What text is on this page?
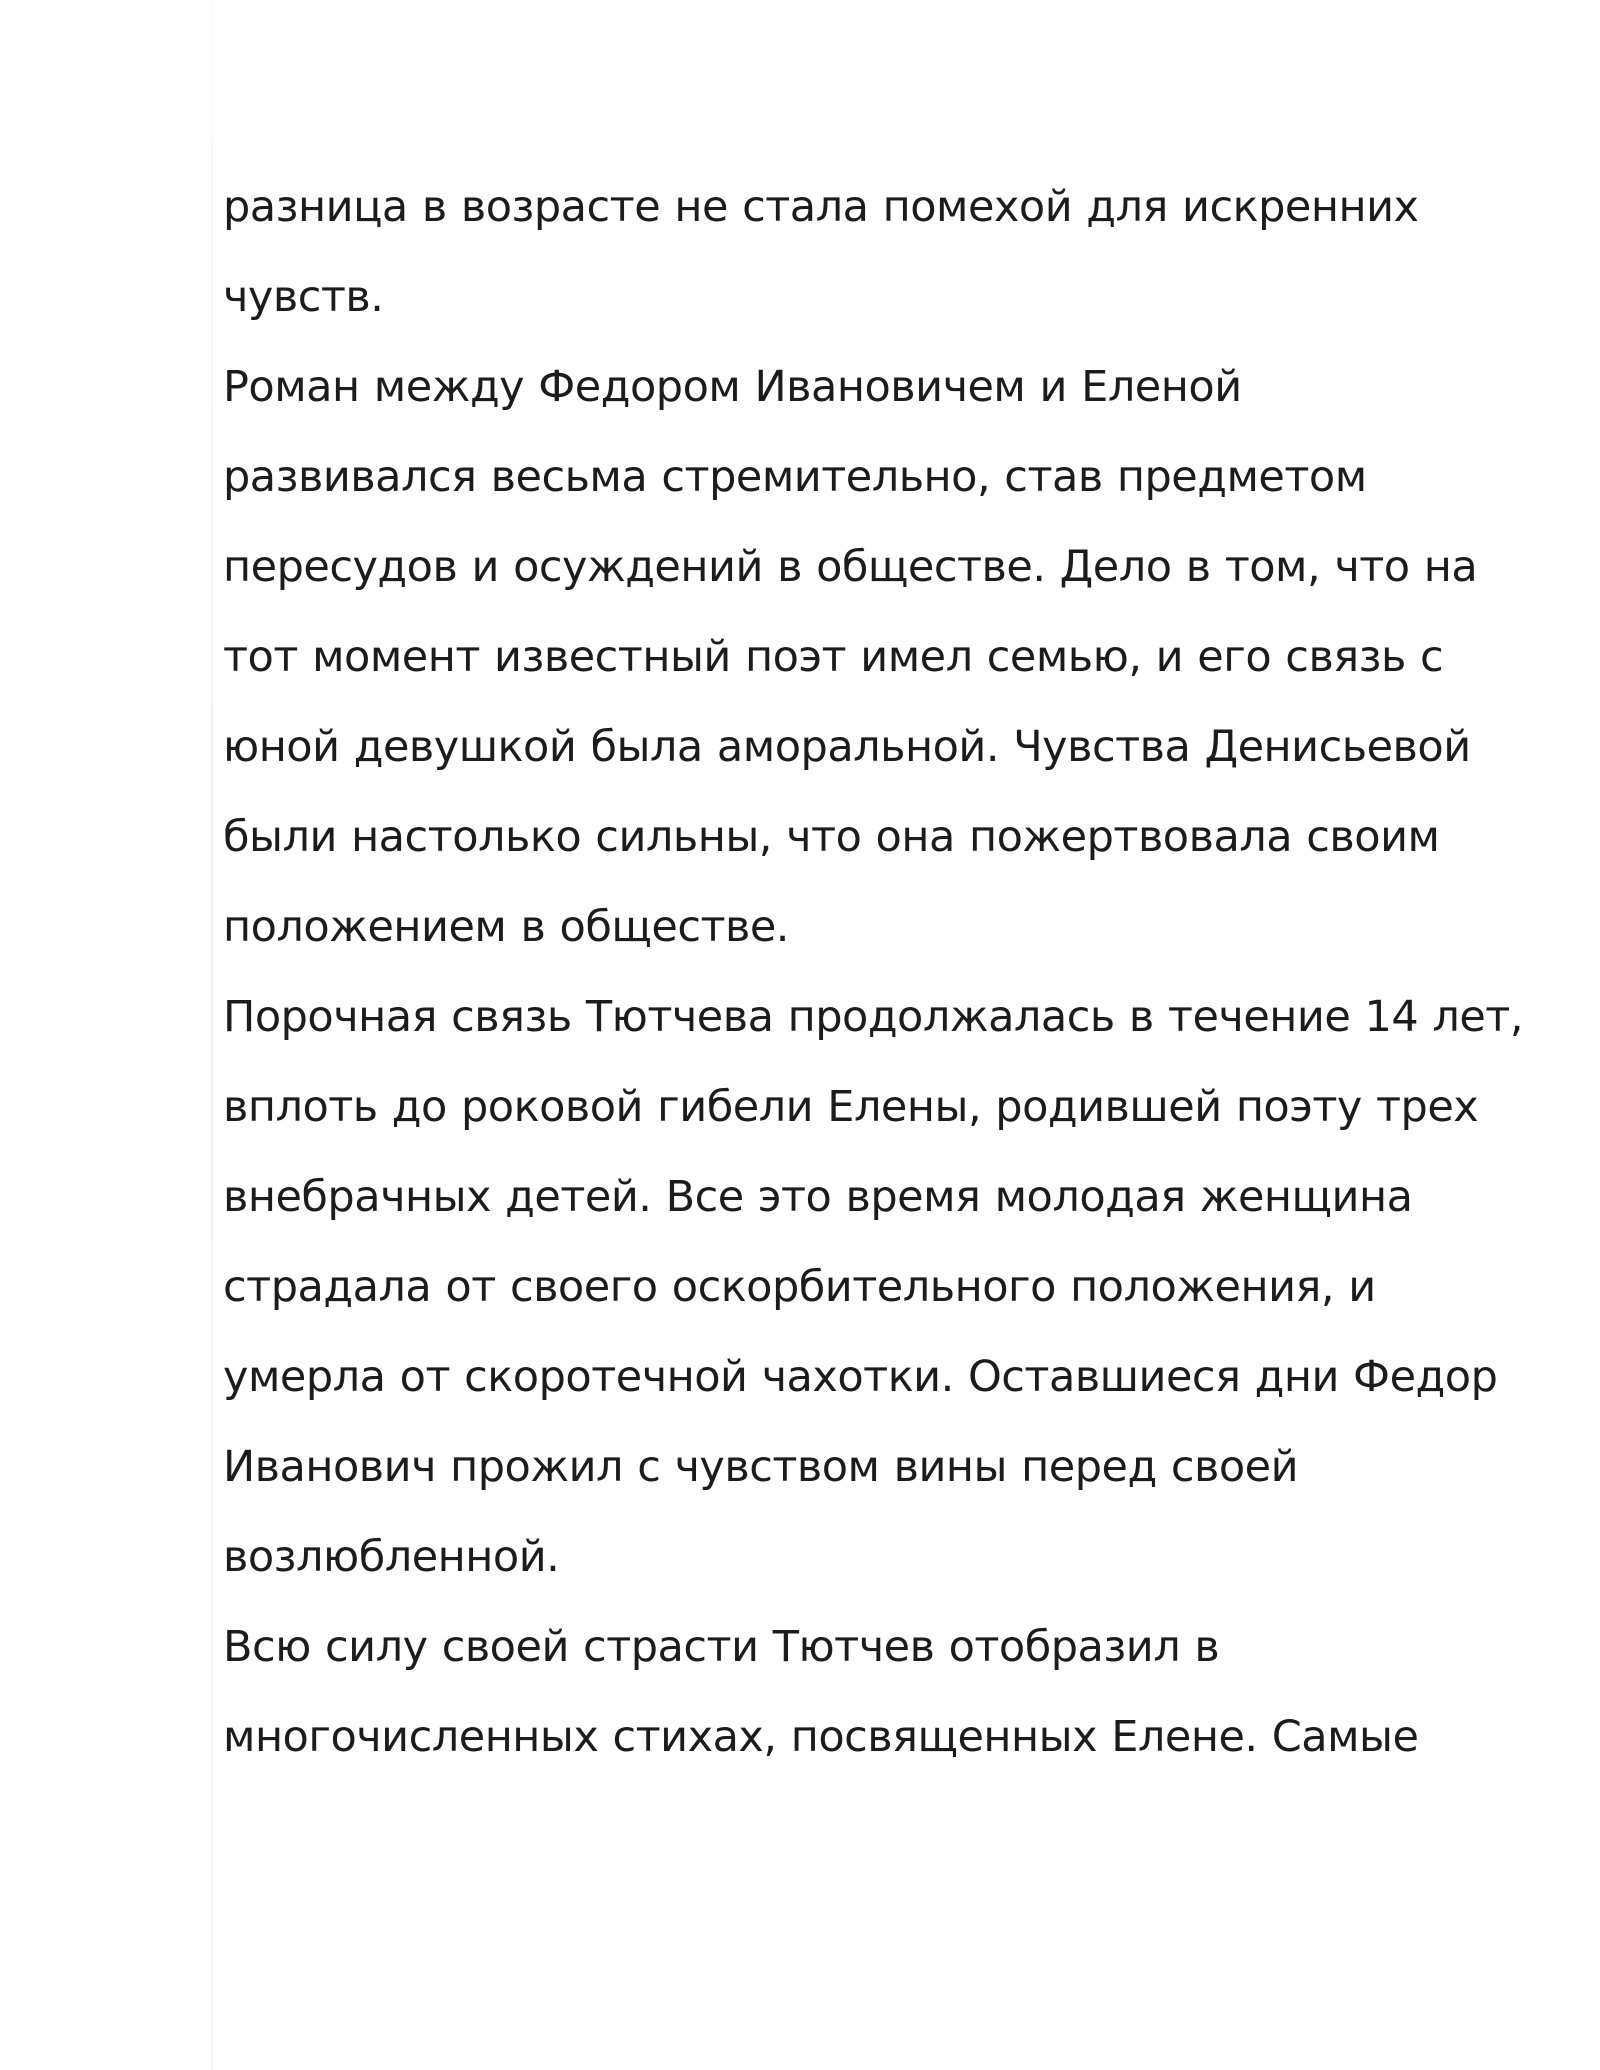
разница в возрасте не стала помехой для искренних
чувств.
Роман между Федором Ивановичем и Еленой
развивался весьма стремительно, став предметом
пересудов и осуждений в обществе. Дело в том, что на
тот момент известный поэт имел семью, и его связь с
юной девушкой была аморальной. Чувства Денисьевой
были настолько сильны, что она пожертвовала своим
положением в обществе.
Порочная связь Тютчева продолжалась в течение 14 лет,
вплоть до роковой гибели Елены, родившей поэту трех
внебрачных детей. Все это время молодая женщина
страдала от своего оскорбительного положения, и
умерла от скоротечной чахотки. Оставшиеся дни Федор
Иванович прожил с чувством вины перед своей
возлюбленной.
Всю силу своей страсти Тютчев отобразил в
многочисленных стихах, посвященных Елене. Самые
